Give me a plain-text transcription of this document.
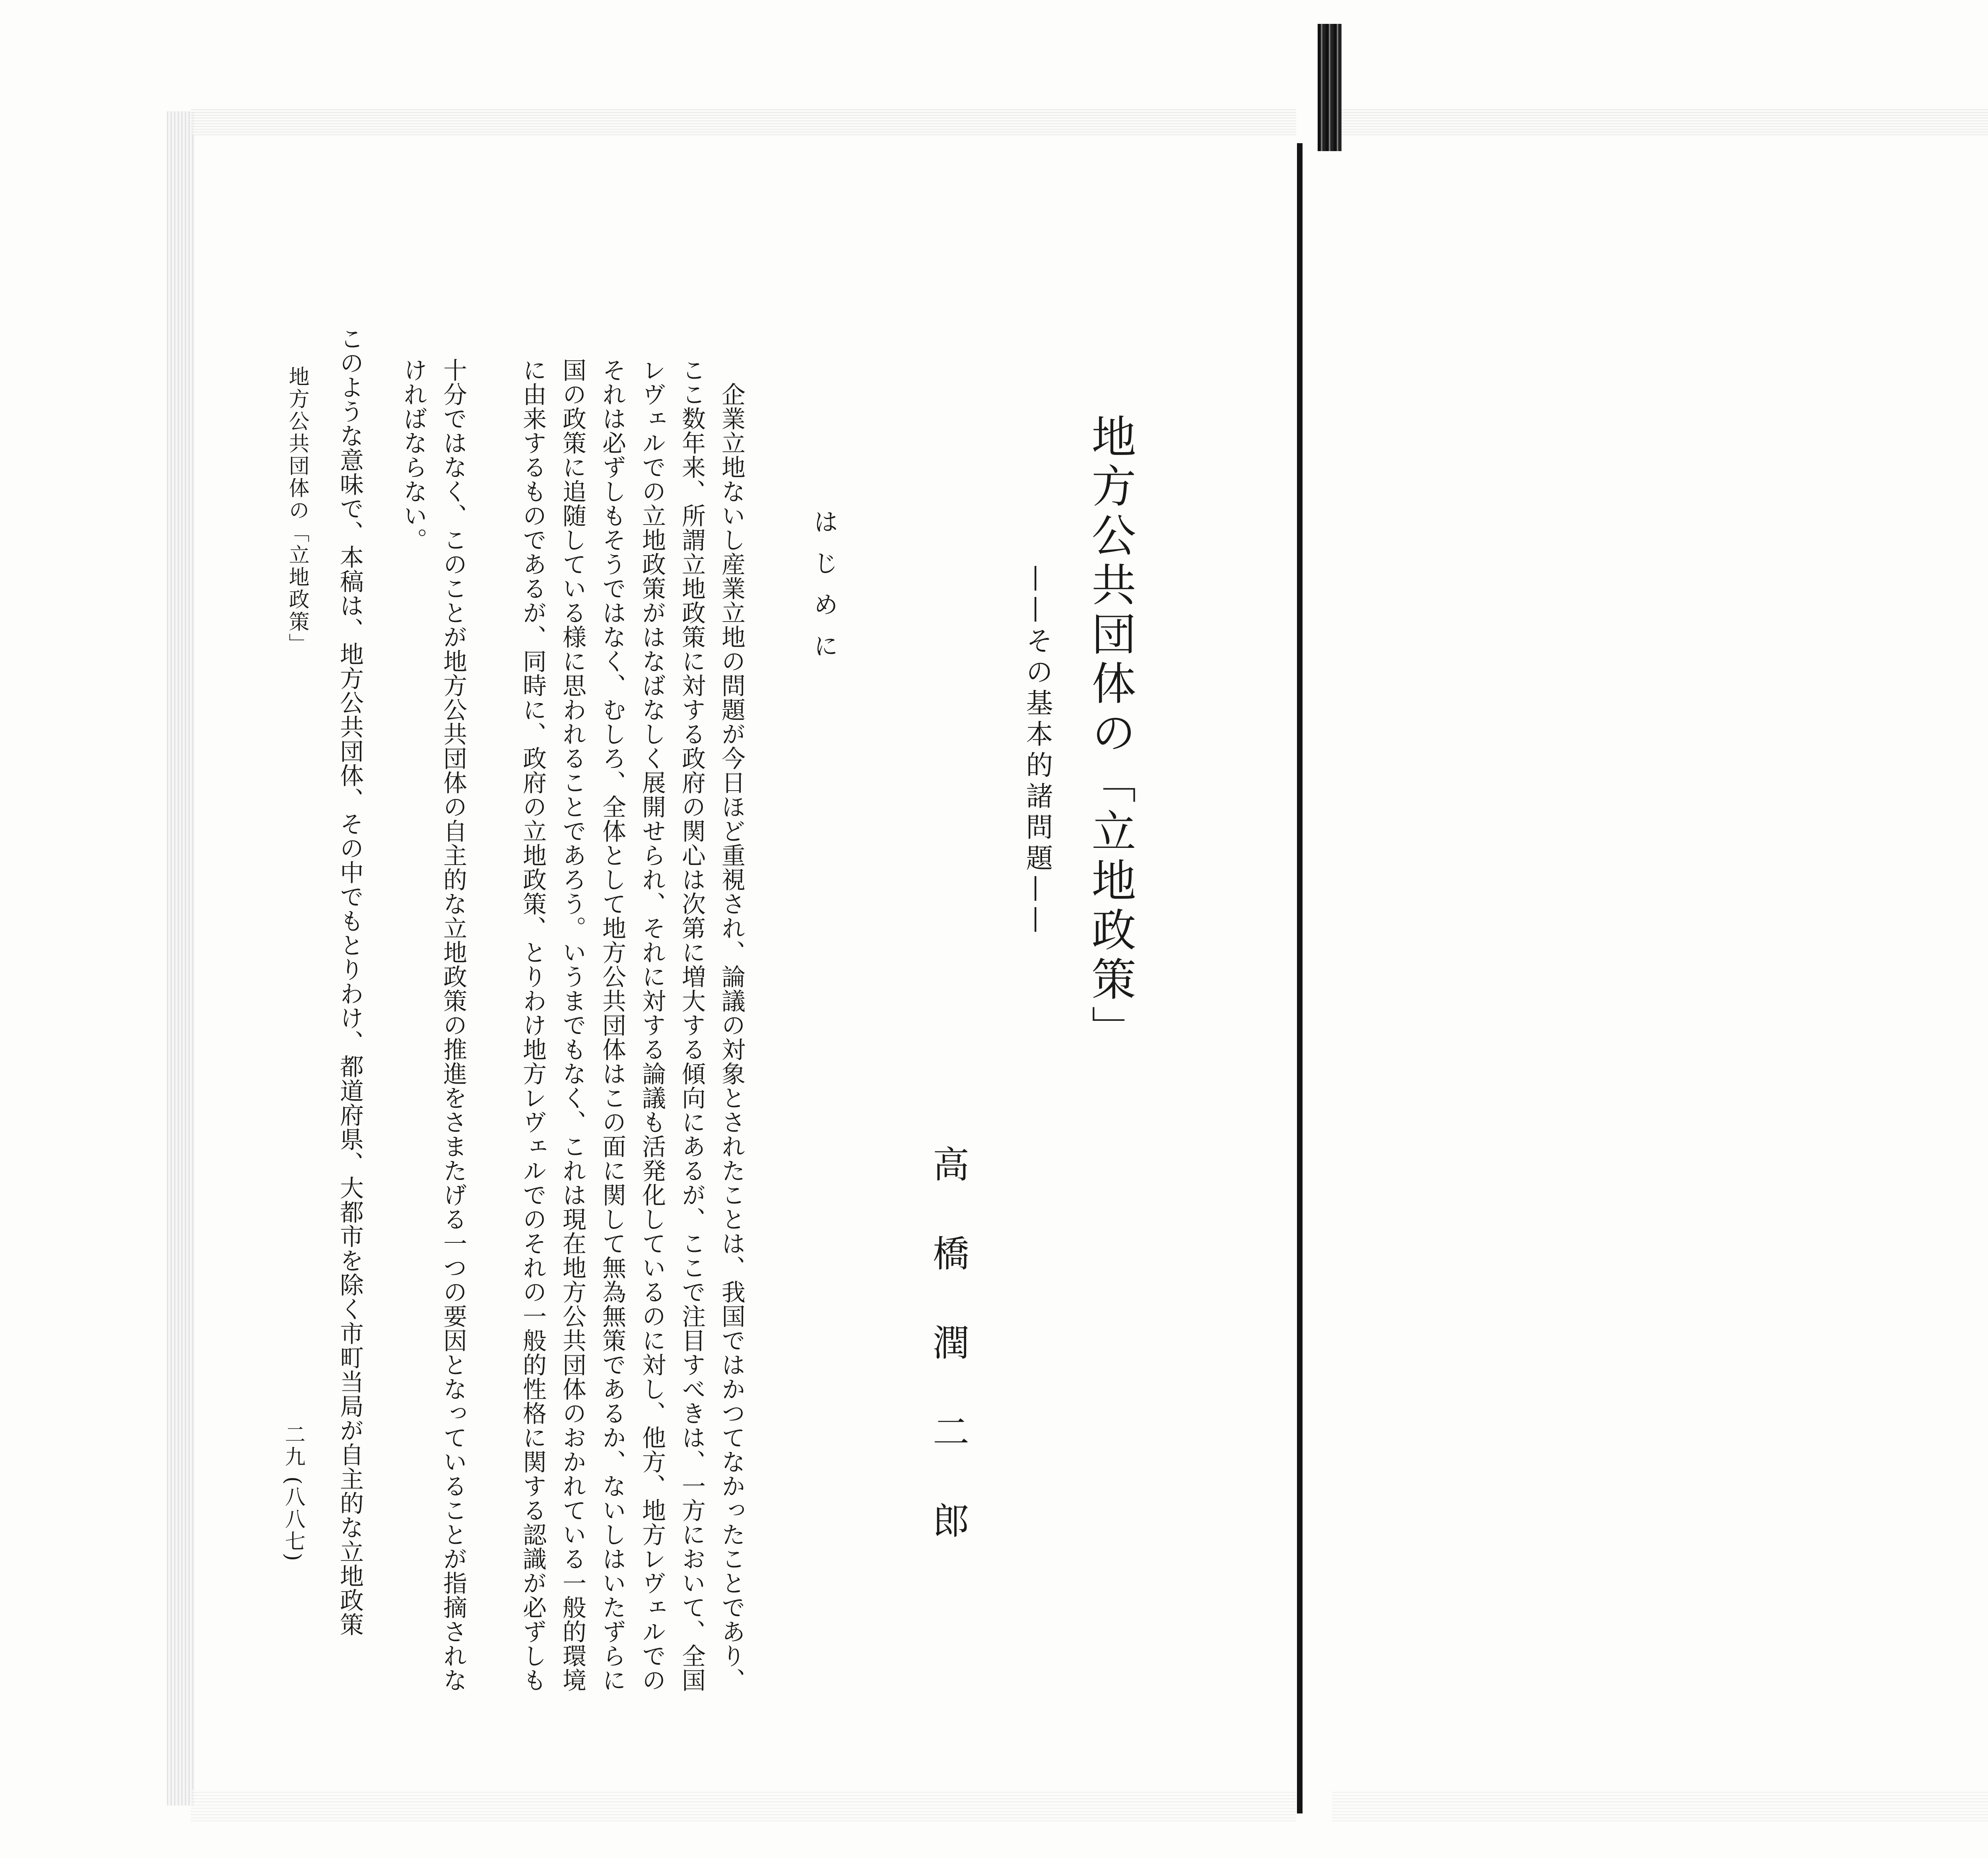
地方公共団体の「立地政策」
——その基本的諸問題——
高橋潤二郎
はじめに
　企業立地ないし産業立地の問題が今日ほど重視され、論議の対象とされたことは、我国ではかつてなかったことであり、
ここ数年来、所謂立地政策に対する政府の関心は次第に増大する傾向にあるが、ここで注目すべきは、一方において、全国
レヴェルでの立地政策がはなばなしく展開せられ、それに対する論議も活発化しているのに対し、他方、地方レヴェルでの
それは必ずしもそうではなく、むしろ、全体として地方公共団体はこの面に関して無為無策であるか、ないしはいたずらに
国の政策に追随している様に思われることであろう。いうまでもなく、これは現在地方公共団体のおかれている一般的環境
に由来するものであるが、同時に、政府の立地政策、とりわけ地方レヴェルでのそれの一般的性格に関する認識が必ずしも
十分ではなく、このことが地方公共団体の自主的な立地政策の推進をさまたげる一つの要因となっていることが指摘されな
ければならない。
　このような意味で、本稿は、地方公共団体、その中でもとりわけ、都道府県、大都市を除く市町当局が自主的な立地政策
地方公共団体の「立地政策」
二九 (八八七)
